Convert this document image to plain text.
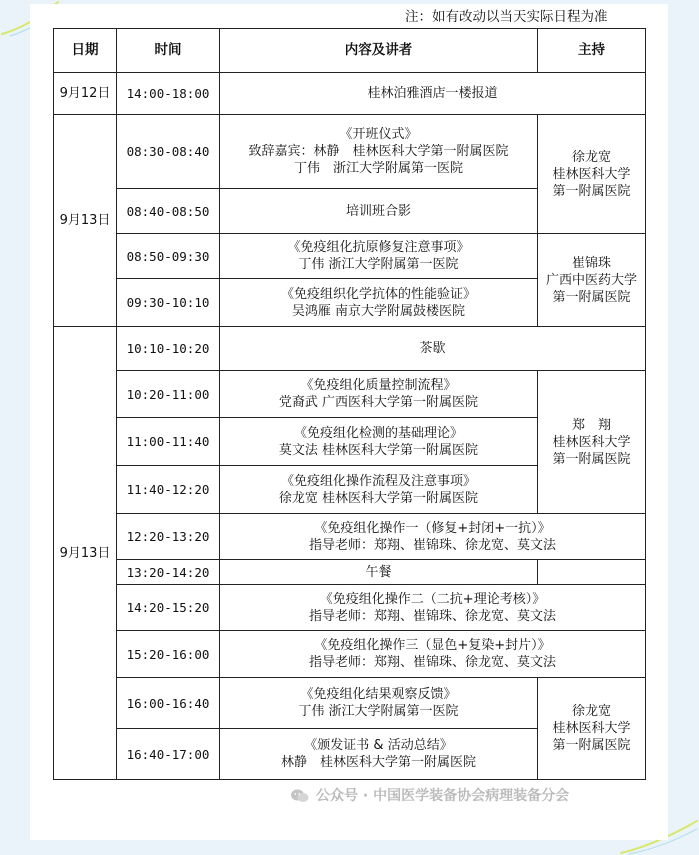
注：如有改动以当天实际日程为准
日期	时间	内容及讲者	主持
9月12日	14:00-18:00	桂林泊雅酒店一楼报道	
9月13日	08:30-08:40	《开班仪式》
致辞嘉宾：林静　桂林医科大学第一附属医院
丁伟　浙江大学附属第一医院	徐龙宽
桂林医科大学
第一附属医院

	08:40-08:50	培训班合影	
	08:50-09:30	《免疫组化抗原修复注意事项》
丁伟 浙江大学附属第一医院	崔锦珠
广西中医药大学
第一附属医院

	09:30-10:10	《免疫组织化学抗体的性能验证》
吴鸿雁 南京大学附属鼓楼医院	

9月13日	10:10-10:20	茶歇	
	10:20-11:00	《免疫组化质量控制流程》
党裔武 广西医科大学第一附属医院	郑　翔
桂林医科大学
第一附属医院

	11:00-11:40	《免疫组化检测的基础理论》
莫文法 桂林医科大学第一附属医院	

	11:40-12:20	《免疫组化操作流程及注意事项》
徐龙宽 桂林医科大学第一附属医院	

	12:20-13:20	《免疫组化操作一（修复+封闭+一抗）》
指导老师：郑翔、崔锦珠、徐龙宽、莫文法	

	13:20-14:20	午餐	
	14:20-15:20	《免疫组化操作二（二抗+理论考核）》
指导老师：郑翔、崔锦珠、徐龙宽、莫文法	

	15:20-16:00	《免疫组化操作三（显色+复染+封片）》
指导老师：郑翔、崔锦珠、徐龙宽、莫文法	

	16:00-16:40	《免疫组化结果观察反馈》
丁伟 浙江大学附属第一医院	徐龙宽
桂林医科大学
第一附属医院

	16:40-17:00	《颁发证书 & 活动总结》
林静　桂林医科大学第一附属医院	
公众号 · 中国医学装备协会病理装备分会
